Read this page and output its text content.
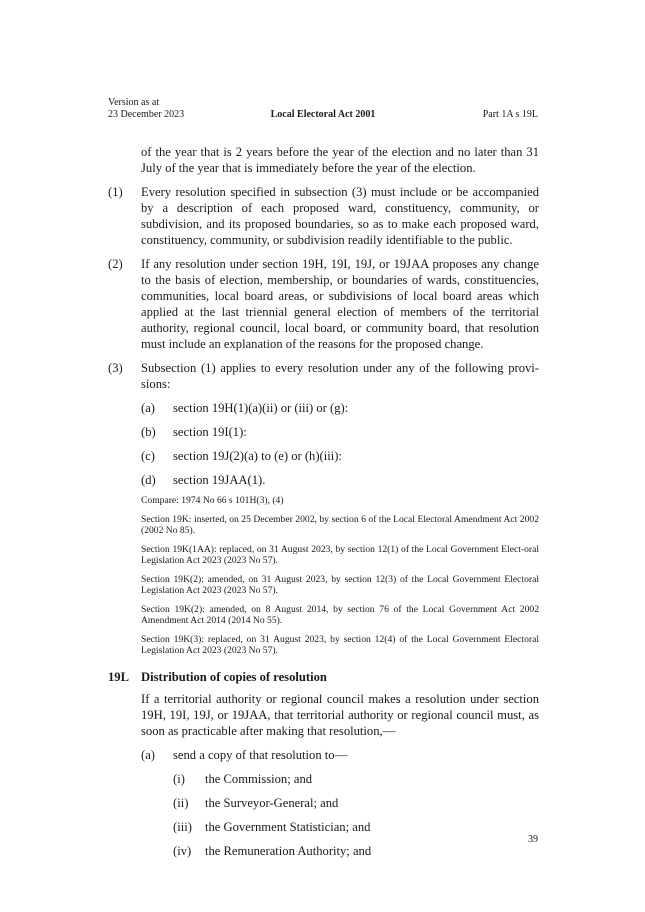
Version as at
23 December 2023	Part 1A s 19L
Local Electoral Act 2001
of the year that is 2 years before the year of the election and no later than 31 July of the year that is immediately before the year of the election.
(1)	Every resolution specified in subsection (3) must include or be accompanied by a description of each proposed ward, constituency, community, or subdivision, and its proposed boundaries, so as to make each proposed ward, constituency, community, or subdivision readily identifiable to the public.
(2)	If any resolution under section 19H, 19I, 19J, or 19JAA proposes any change to the basis of election, membership, or boundaries of wards, constituencies, communities, local board areas, or subdivisions of local board areas which applied at the last triennial general election of members of the territorial authority, regional council, local board, or community board, that resolution must include an explanation of the reasons for the proposed change.
(3)	Subsection (1) applies to every resolution under any of the following provi-sions:
(a)	section 19H(1)(a)(ii) or (iii) or (g):
(b)	section 19I(1):
(c)	section 19J(2)(a) to (e) or (h)(iii):
(d)	section 19JAA(1).
Compare: 1974 No 66 s 101H(3), (4)
Section 19K: inserted, on 25 December 2002, by section 6 of the Local Electoral Amendment Act 2002 (2002 No 85).
Section 19K(1AA): replaced, on 31 August 2023, by section 12(1) of the Local Government Elect-oral Legislation Act 2023 (2023 No 57).
Section 19K(2): amended, on 31 August 2023, by section 12(3) of the Local Government Electoral Legislation Act 2023 (2023 No 57).
Section 19K(2): amended, on 8 August 2014, by section 76 of the Local Government Act 2002 Amendment Act 2014 (2014 No 55).
Section 19K(3): replaced, on 31 August 2023, by section 12(4) of the Local Government Electoral Legislation Act 2023 (2023 No 57).
19L Distribution of copies of resolution
If a territorial authority or regional council makes a resolution under section 19H, 19I, 19J, or 19JAA, that territorial authority or regional council must, as soon as practicable after making that resolution,—
(a)	send a copy of that resolution to—
(i)	the Commission; and
(ii)	the Surveyor-General; and
(iii)	the Government Statistician; and
(iv)	the Remuneration Authority; and
39
